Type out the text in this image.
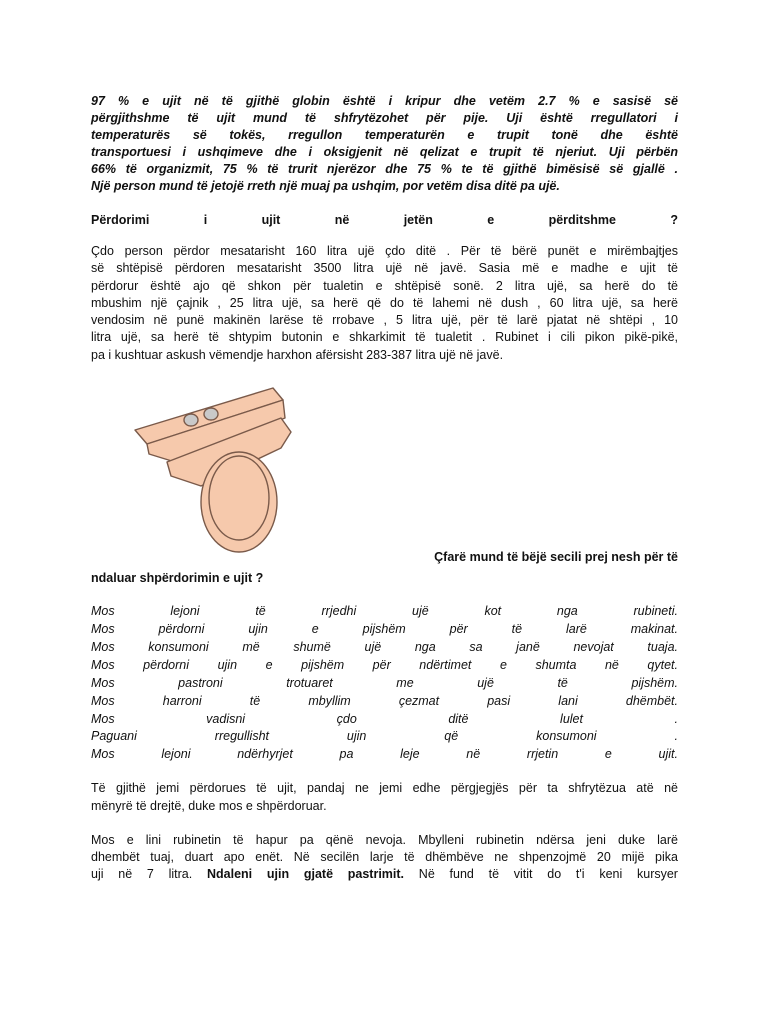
97 % e ujit në të gjithë globin është i kripur dhe vetëm 2.7 % e sasisë së

përgjithshme të ujit mund të shfrytëzohet për pije. Uji është rregullatori i

temperaturës së tokës, rregullon temperaturën e trupit tonë dhe është

transportuesi i ushqimeve dhe i oksigjenit në qelizat e trupit të njeriut. Uji përbën

66% të organizmit, 75 % të trurit njerëzor dhe 75 % te të gjithë bimësisë së gjallë .

Një person mund të jetojë rreth një muaj pa ushqim, por vetëm disa ditë pa ujë.

Përdorimi i ujit në jetën e përditshme ?

Çdo person përdor mesatarisht 160 litra ujë çdo ditë . Për të bërë punët e mirëmbajtjes

së shtëpisë përdoren mesatarisht 3500 litra ujë në javë. Sasia më e madhe e ujit të

përdorur është ajo që shkon për tualetin e shtëpisë sonë. 2 litra ujë, sa herë do të

mbushim një çajnik , 25 litra ujë, sa herë që do të lahemi në dush , 60 litra ujë, sa herë

vendosim në punë makinën larëse të rrobave , 5 litra ujë, për të larë pjatat në shtëpi , 10

litra ujë, sa herë të shtypim butonin e shkarkimit të tualetit . Rubinet i cili pikon pikë-pikë,

pa i kushtuar askush vëmendje harxhon afërsisht 283-387 litra ujë në javë.

Çfarë mund të bëjë secili prej nesh për të

ndaluar shpërdorimin e ujit ?

Mos lejoni të rrjedhi ujë kot nga rubineti.

Mos përdorni ujin e pijshëm për të larë makinat.

Mos konsumoni më shumë ujë nga sa janë nevojat tuaja.

Mos përdorni ujin e pijshëm për ndërtimet e shumta në qytet.

Mos pastroni trotuaret me ujë të pijshëm.

Mos harroni të mbyllim çezmat pasi lani dhëmbët.

Mos vadisni çdo ditë lulet .

Paguani rregullisht ujin që konsumoni .

Mos lejoni ndërhyrjet pa leje në rrjetin e ujit.

Të gjithë jemi përdorues të ujit, pandaj ne jemi edhe përgjegjës për ta shfrytëzua atë në

mënyrë të drejtë, duke mos e shpërdoruar.

Mos e lini rubinetin të hapur pa qënë nevoja. Mbylleni rubinetin ndërsa jeni duke larë

dhembët tuaj, duart apo enët. Në secilën larje të dhëmbëve ne shpenzojmë 20 mijë pika

uji në 7 litra. Ndaleni ujin gjatë pastrimit. Në fund të vitit do t'i keni kursyer
